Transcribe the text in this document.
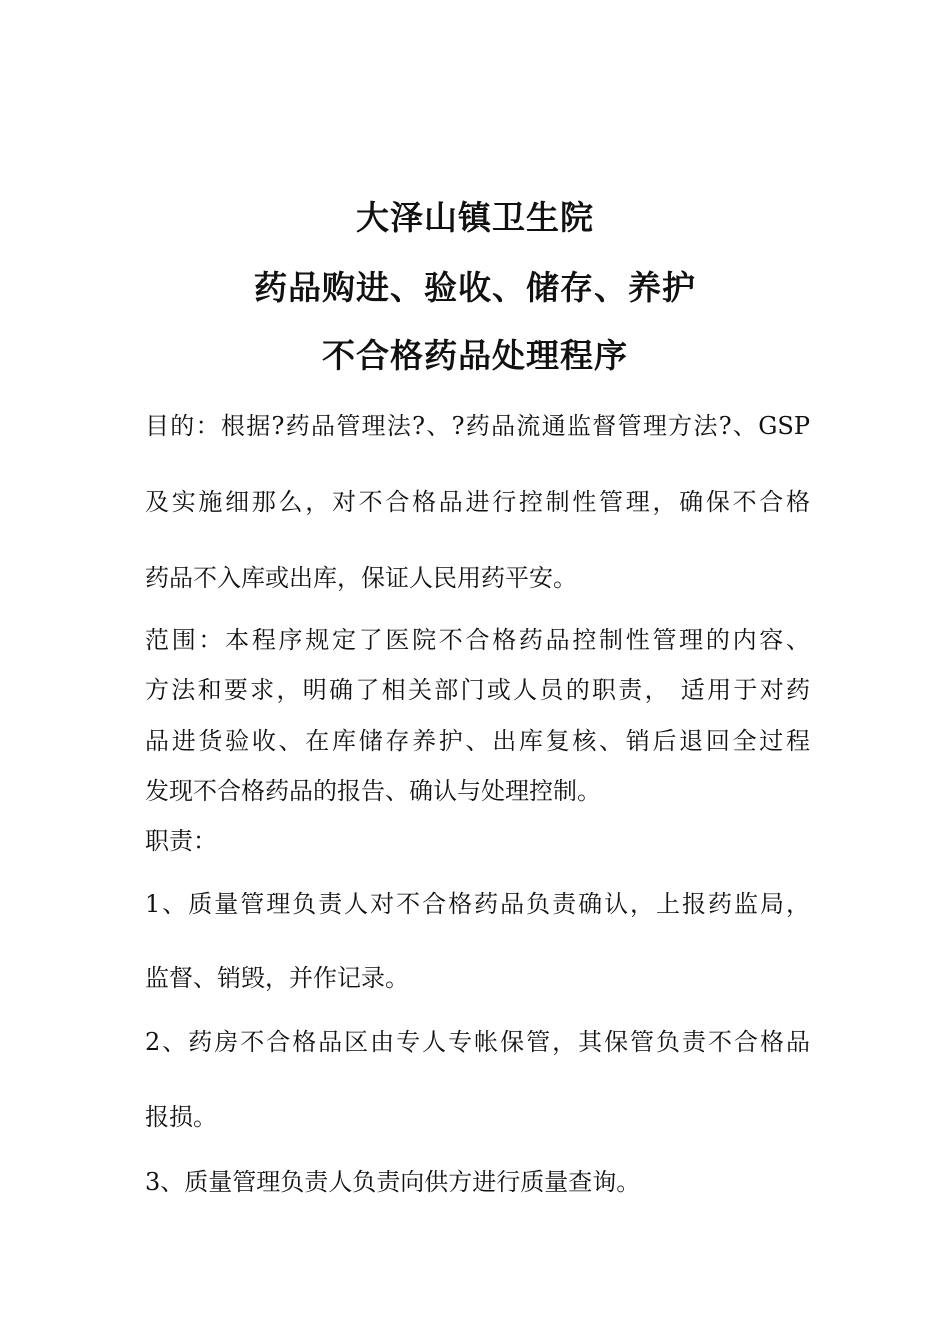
大泽山镇卫生院
药品购进、验收、储存、养护
不合格药品处理程序

目的：根据?药品管理法?、?药品流通监督管理方法?、GSP

及实施细那么，对不合格品进行控制性管理，确保不合格

药品不入库或出库，保证人民用药平安。

范围：本程序规定了医院不合格药品控制性管理的内容、

方法和要求，明确了相关部门或人员的职责， 适用于对药

品进货验收、在库储存养护、出库复核、销后退回全过程

发现不合格药品的报告、确认与处理控制。

职责：

1、质量管理负责人对不合格药品负责确认，上报药监局，

监督、销毁，并作记录。

2、药房不合格品区由专人专帐保管，其保管负责不合格品

报损。

3、质量管理负责人负责向供方进行质量查询。
